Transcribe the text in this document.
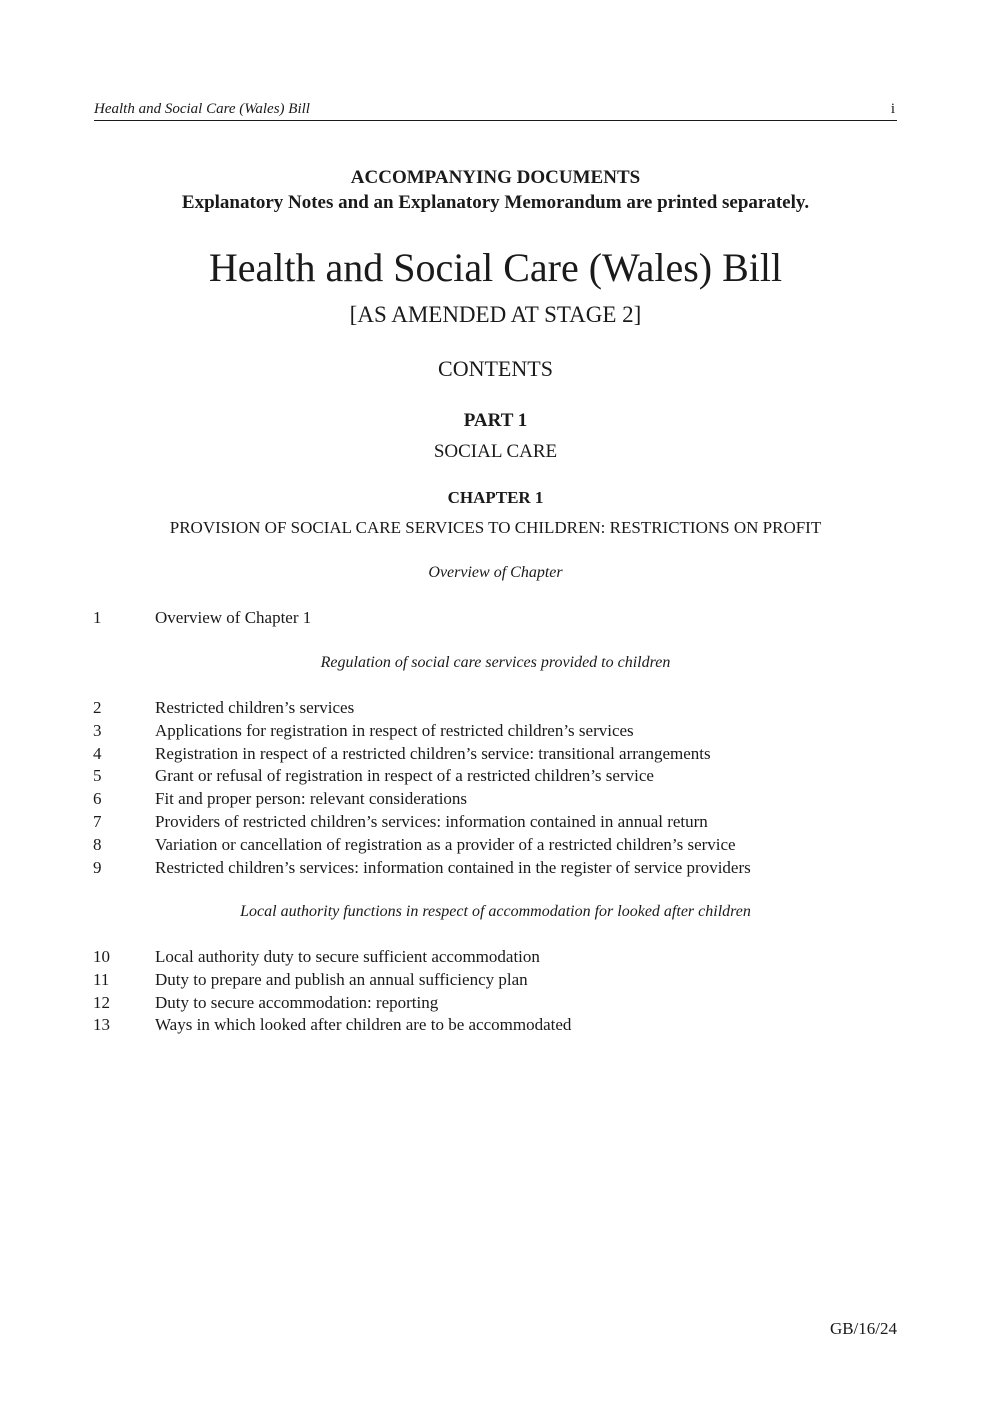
Health and Social Care (Wales) Bill	i
ACCOMPANYING DOCUMENTS
Explanatory Notes and an Explanatory Memorandum are printed separately.
Health and Social Care (Wales) Bill
[AS AMENDED AT STAGE 2]
CONTENTS
PART 1
SOCIAL CARE
CHAPTER 1
PROVISION OF SOCIAL CARE SERVICES TO CHILDREN: RESTRICTIONS ON PROFIT
Overview of Chapter
1	Overview of Chapter 1
Regulation of social care services provided to children
2	Restricted children’s services
3	Applications for registration in respect of restricted children’s services
4	Registration in respect of a restricted children’s service: transitional arrangements
5	Grant or refusal of registration in respect of a restricted children’s service
6	Fit and proper person: relevant considerations
7	Providers of restricted children’s services: information contained in annual return
8	Variation or cancellation of registration as a provider of a restricted children’s service
9	Restricted children’s services: information contained in the register of service providers
Local authority functions in respect of accommodation for looked after children
10	Local authority duty to secure sufficient accommodation
11	Duty to prepare and publish an annual sufficiency plan
12	Duty to secure accommodation: reporting
13	Ways in which looked after children are to be accommodated
GB/16/24
